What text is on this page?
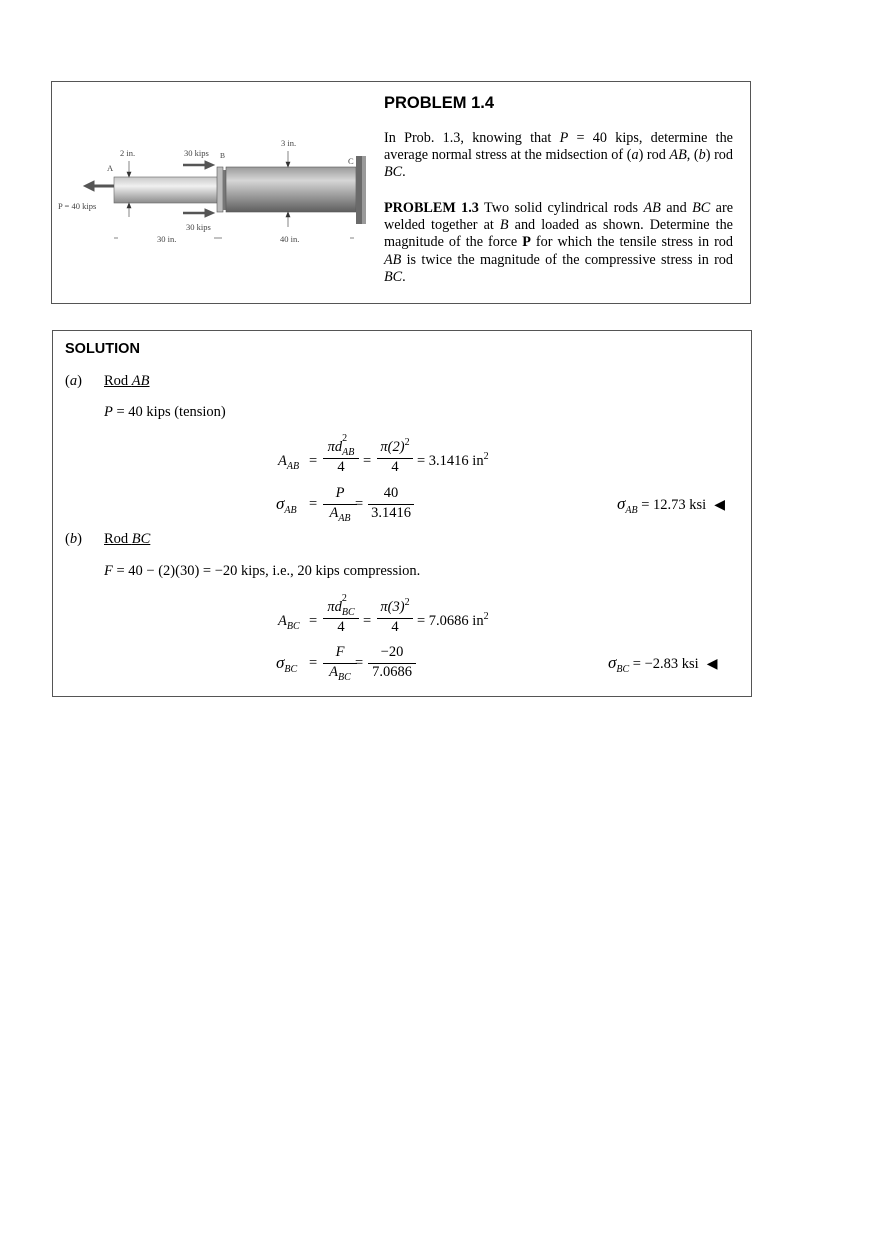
2 in.
3 in.
30 kips
30 kips
P = 40 kips
A
B
C
30 in.	40 in.
PROBLEM 1.4
In Prob. 1.3, knowing that P = 40 kips, determine the average normal stress at the midsection of (a) rod AB, (b) rod BC.
PROBLEM 1.3 Two solid cylindrical rods AB and BC are welded together at B and loaded as shown. Determine the magnitude of the force P for which the tensile stress in rod AB is twice the magnitude of the compressive stress in rod BC.
SOLUTION
(a) Rod AB
P = 40 kips (tension)
$A_{AB}$ =
πd
2
$_{AB}$
4	=
$\pi(2)^2$
4	= 3.1416 $in^2$
$\sigma_{AB}$ =
P
$A_{AB}$
=
40
3.1416	$\sigma_{AB} = 12.73$ ksi ◀
(b) Rod BC
F = 40 − (2)(30) = −20 kips, i.e., 20 kips compression.
$A_{BC}$ =
πd
2
$_{BC}$
4	=
$\pi(3)^2$
4	= 7.0686 $in^2$
$\sigma_{BC}$ =
F
$A_{BC}$
=
−20
7.0686	$\sigma_{BC} = -2.83$ ksi ◀
